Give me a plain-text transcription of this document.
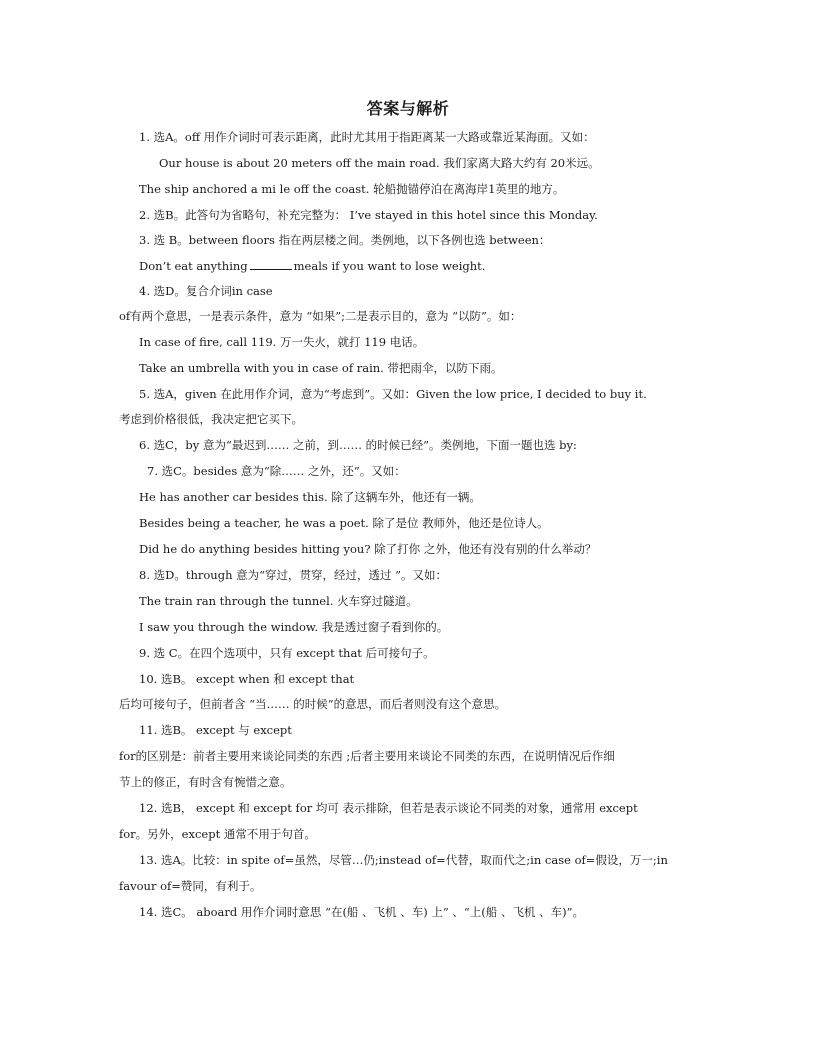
答案与解析
1. 选A。off 用作介词时可表示距离，此时尤其用于指距离某一大路或靠近某海面。又如：
Our house is about 20 meters off the main road. 我们家离大路大约有 20米远。
The ship anchored a mi le off the coast. 轮船抛锚停泊在离海岸1英里的地方。
2. 选B。此答句为省略句，补充完整为： I’ve stayed in this hotel since this Monday.
3. 选 B。between floors 指在两层楼之间。类例地，以下各例也选 between：
Don’t eat anything	meals if you want to lose weight.
4. 选D。复合介词in case
of有两个意思，一是表示条件，意为 “如果”;二是表示目的，意为 “以防”。如：
In case of fire, call 119. 万一失火，就打 119 电话。
Take an umbrella with you in case of rain. 带把雨伞，以防下雨。
5. 选A，given 在此用作介词，意为“考虑到”。又如：Given the low price, I decided to buy it.
考虑到价格很低，我决定把它买下。
6. 选C，by 意为“最迟到…… 之前，到…… 的时候已经”。类例地，下面一题也选 by:
7. 选C。besides 意为“除…… 之外，还”。又如：
He has another car besides this. 除了这辆车外，他还有一辆。
Besides being a teacher, he was a poet. 除了是位 教师外，他还是位诗人。
Did he do anything besides hitting you? 除了打你 之外，他还有没有别的什么举动？
8. 选D。through 意为“穿过，贯穿，经过，透过 ”。又如：
The train ran through the tunnel. 火车穿过隧道。
I saw you through the window. 我是透过窗子看到你的。
9. 选 C。在四个选项中，只有 except that 后可接句子。
10. 选B。 except when 和 except that
后均可接句子，但前者含 “当…… 的时候”的意思，而后者则没有这个意思。
11. 选B。 except 与 except
for的区别是：前者主要用来谈论同类的东西 ;后者主要用来谈论不同类的东西，在说明情况后作细
节上的修正，有时含有惋惜之意。
12. 选B， except 和 except for 均可 表示排除，但若是表示谈论不同类的对象，通常用 except
for。另外，except 通常不用于句首。
13. 选A。比较：in spite of=虽然，尽管…仍;instead of=代替，取而代之;in case of=假设，万一;in
favour of=赞同，有利于。
14. 选C。 aboard 用作介词时意思 “在(船 、飞机 、车) 上” 、“上(船 、飞机 、车)”。
